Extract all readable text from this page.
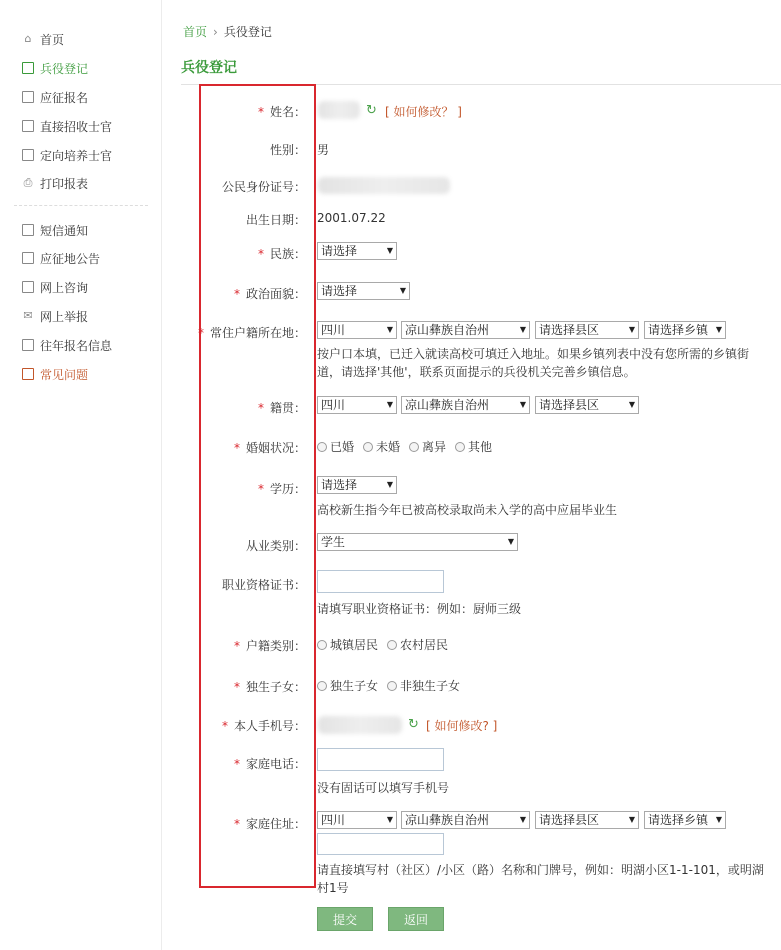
⌂ 首页
兵役登记
应征报名
直接招收士官
定向培养士官
⎙ 打印报表
短信通知
应征地公告
网上咨询
✉ 网上举报
往年报名信息
常见问题
首页 › 兵役登记
兵役登记
* 姓名：	↻ [ 如何修改？ ]
性别： 男
公民身份证号：
出生日期： 2001.07.22
* 民族： 请选择	▼
* 政治面貌： 请选择	▼
* 常住户籍所在地： 四川	▼ 凉山彝族自治州	▼ 请选择县区	▼ 请选择乡镇 ▼
按户口本填，已迁入就读高校可填迁入地址。如果乡镇列表中没有您所需的乡镇街
道，请选择'其他'，联系页面提示的兵役机关完善乡镇信息。
* 籍贯： 四川	▼ 凉山彝族自治州	▼ 请选择县区	▼
* 婚姻状况： 已婚 未婚 离异 其他
* 学历： 请选择	▼
高校新生指今年已被高校录取尚未入学的高中应届毕业生
从业类别： 学生	▼
职业资格证书：
请填写职业资格证书：例如：厨师三级
* 户籍类别： 城镇居民 农村居民
* 独生子女： 独生子女 非独生子女
* 本人手机号：	↻ [ 如何修改? ]
* 家庭电话：
没有固话可以填写手机号
* 家庭住址： 四川	▼ 凉山彝族自治州	▼ 请选择县区	▼ 请选择乡镇 ▼
请直接填写村（社区）/小区（路）名称和门牌号，例如：明湖小区1-1-101，或明湖
村1号
提交	返回
